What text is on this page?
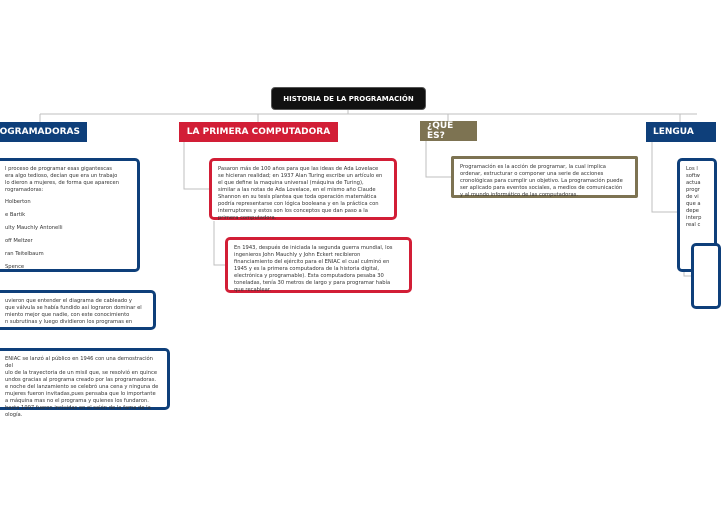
HISTORIA DE LA PROGRAMACIÓN
OGRAMADORAS	LA PRIMERA COMPUTADORA
¿QUÉ ES?	LENGUA
l proceso de programar esas gigantescas
era algo tedioso, decían que era un trabajo
lo dieron a mujeres, de forma que aparecen
rogramadoras:
Holberton
e Bartik
ulty Mauchly Antonelli
off Meltzer
ran Teitelbaum
Spence
uvieron que entender el diagrama de cableado y
que válvula se había fundido así lograron dominar el
miento mejor que nadie, con este conocimiento
n subrutinas y luego dividieron los programas en
ENIAC se lanzó al público en 1946 con una demostración del
ulo de la trayectoria de un misil que, se resolvió en quince
undos gracias al programa creado por las programadoras.
e noche del lanzamiento se celebró una cena y ninguna de
mujeres fueron invitadas,pues pensaba que lo importante
a máquina mas no el programa y quienes los fundaron.
hasta 1997 fueron incluidas en el salón de la fama de la
ología.
Pasaron más de 100 años para que las ideas de Ada Lovelace
se hicieran realidad; en 1937 Alan Turing escribe un artículo en
el que define la maquina universal (máquina de Turing),
similar a las notas de Ada Lovelace, en el mismo año Claude
Shannon en su tesis plantea que toda operación matemática
podría representarse con lógica booleana y en la práctica con
interruptores y estos son los conceptos que dan paso a la
primera computadora.
En 1943, después de iniciada la segunda guerra mundial, los
ingenieros John Mauchly y John Eckert recibieron
financiamiento del ejército para el ENIAC el cual culminó en
1945 y es la primera computadora de la historia digital,
electrónica y programable). Esta computadora pesaba 30
toneladas, tenía 30 metros de largo y para programar había
que recablear.
Programación es la acción de programar, la cual implica
ordenar, estructurar o componer una serie de acciones
cronológicas para cumplir un objetivo. La programación puede
ser aplicado para eventos sociales, a medios de comunicación
y al mundo informático de las computadoras.
Los l
softw
actua
progr
de vi
que a
depe
interp
real c
